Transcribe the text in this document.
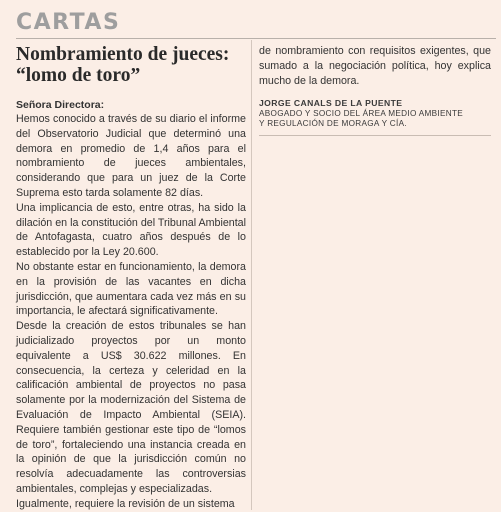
CARTAS
Nombramiento de jueces:
“lomo de toro”

Señora Directora:

Hemos conocido a través de su diario el informe del Observatorio Judicial que determinó una demora en promedio de 1,4 años para el nombramiento de jueces ambientales, considerando que para un juez de la Corte Suprema esto tarda solamente 82 días.

Una implicancia de esto, entre otras, ha sido la dilación en la constitución del Tribunal Ambiental de Antofagasta, cuatro años después de lo establecido por la Ley 20.600.

No obstante estar en funcionamiento, la demora en la provisión de las vacantes en dicha jurisdicción, que aumentara cada vez más en su importancia, le afectará significativamente.

Desde la creación de estos tribunales se han judicializado proyectos por un monto equivalente a US$ 30.622 millones. En consecuencia, la certeza y celeridad en la calificación ambiental de proyectos no pasa solamente por la modernización del Sistema de Evaluación de Impacto Ambiental (SEIA). Requiere también gestionar este tipo de “lomos de toro”, fortaleciendo una instancia creada en la opinión de que la jurisdicción común no resolvía adecuadamente las controversias ambientales, complejas y especializadas.

Igualmente, requiere la revisión de un sistema

de nombramiento con requisitos exigentes, que sumado a la negociación política, hoy explica mucho de la demora.

JORGE CANALS DE LA PUENTE
ABOGADO Y SOCIO DEL ÁREA MEDIO AMBIENTE
Y REGULACIÓN DE MORAGA Y CÍA.
